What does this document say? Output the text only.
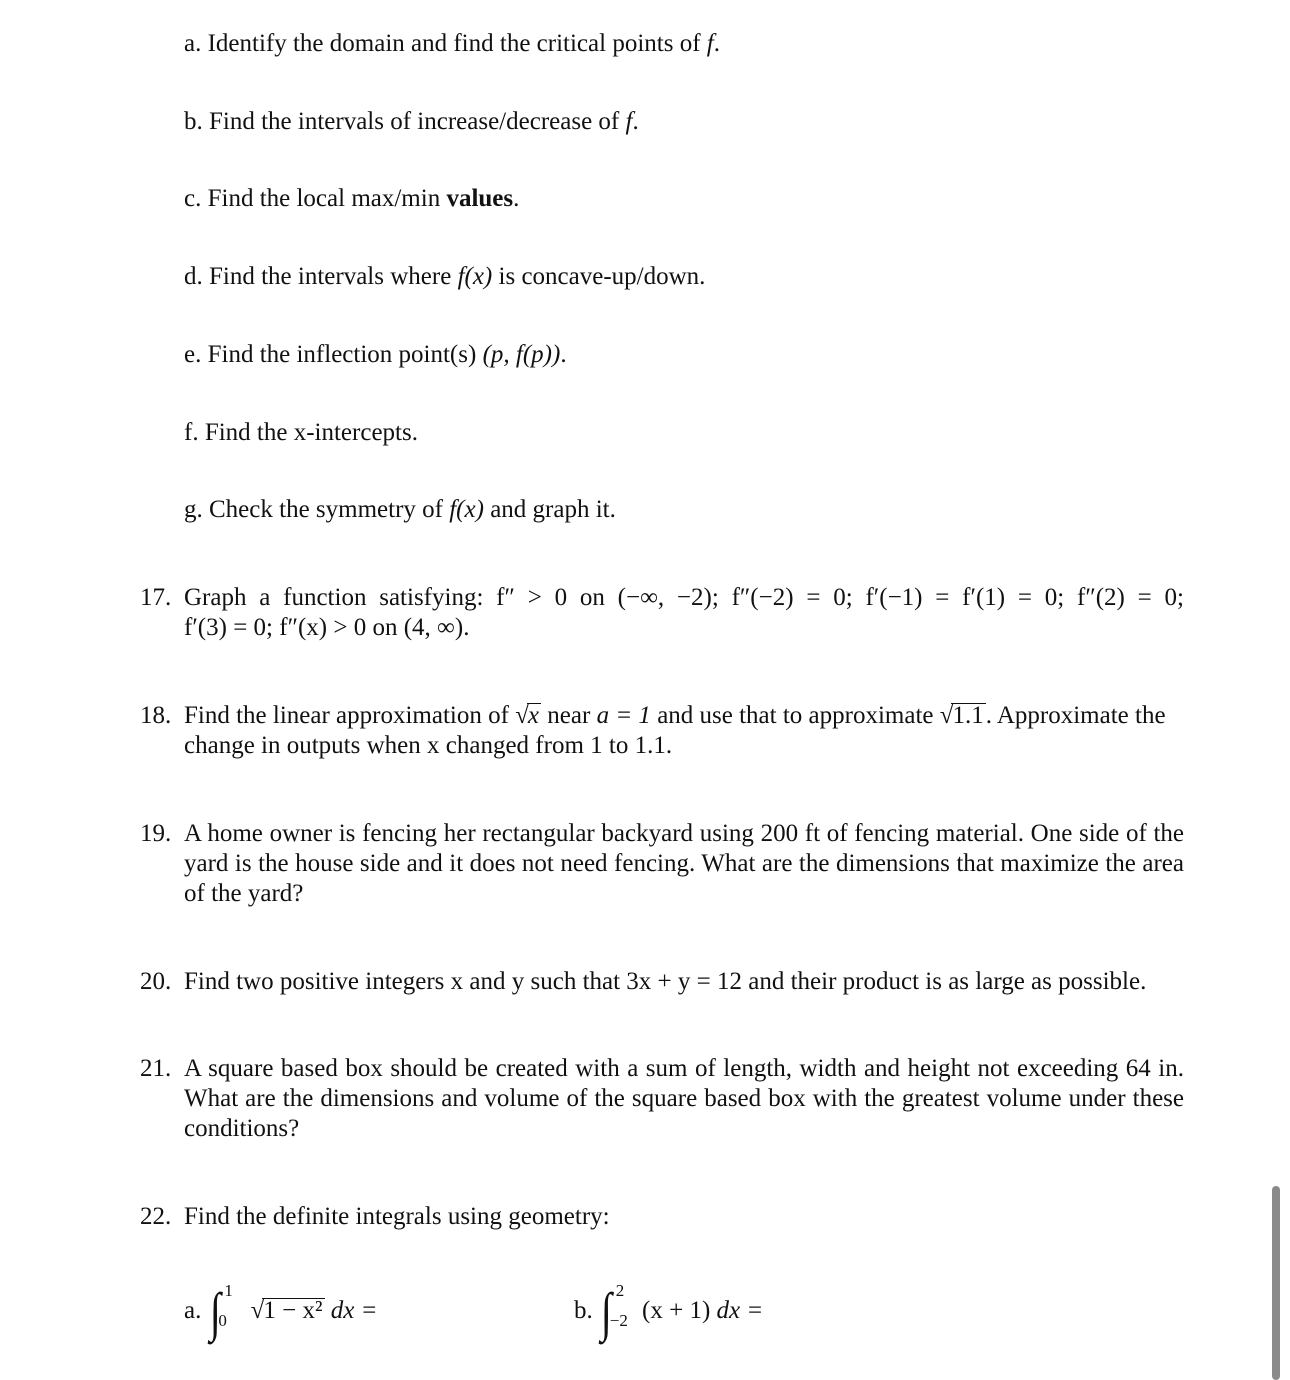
a. Identify the domain and find the critical points of f.
b. Find the intervals of increase/decrease of f.
c. Find the local max/min values.
d. Find the intervals where f(x) is concave-up/down.
e. Find the inflection point(s) (p, f(p)).
f. Find the x-intercepts.
g. Check the symmetry of f(x) and graph it.
17. Graph a function satisfying: f″ > 0 on (−∞, −2); f″(−2) = 0; f′(−1) = f′(1) = 0; f″(2) = 0;
f′(3) = 0; f″(x) > 0 on (4, ∞).
18. Find the linear approximation of √x near a = 1 and use that to approximate √1.1. Approximate the
change in outputs when x changed from 1 to 1.1.
19. A home owner is fencing her rectangular backyard using 200 ft of fencing material. One side of the
yard is the house side and it does not need fencing. What are the dimensions that maximize the area
of the yard?
20. Find two positive integers x and y such that 3x + y = 12 and their product is as large as possible.
21. A square based box should be created with a sum of length, width and height not exceeding 64 in.
What are the dimensions and volume of the square based box with the greatest volume under these
conditions?
22. Find the definite integrals using geometry:
a. ∫ 1
0 √1 − x² dx =	b. ∫ 2
−2 (x + 1) dx =
